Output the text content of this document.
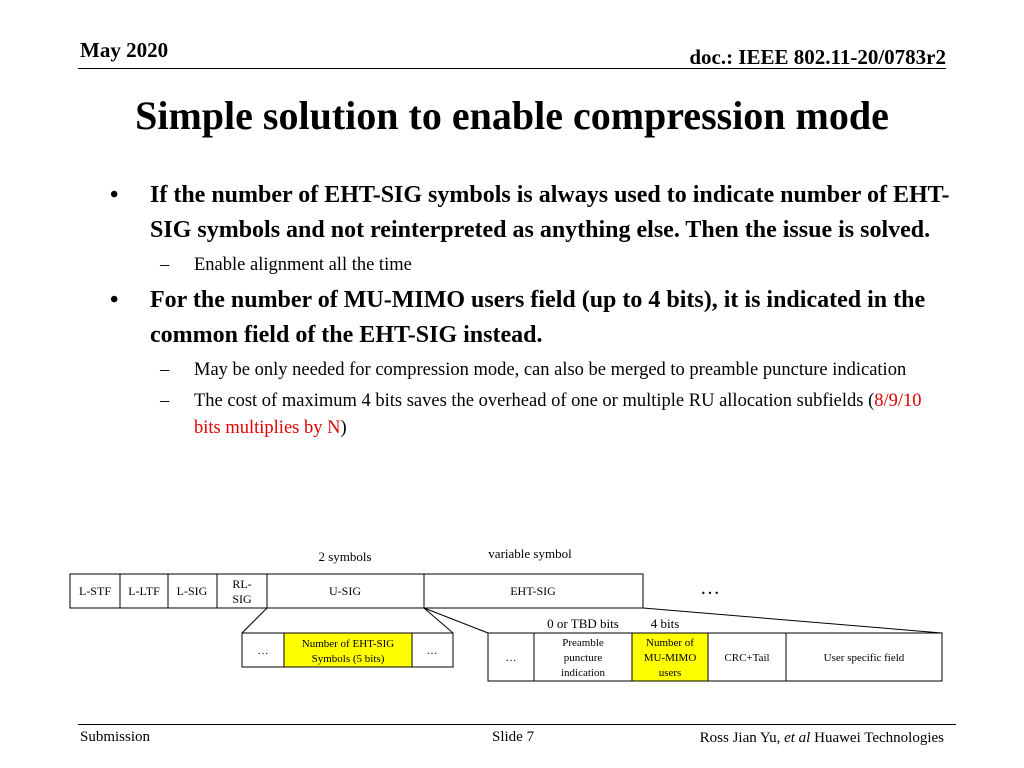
May 2020	doc.: IEEE 802.11-20/0783r2
Simple solution to enable compression mode
• If the number of EHT-SIG symbols is always used to indicate number of EHT-SIG symbols and not reinterpreted as anything else. Then the issue is solved.
– Enable alignment all the time
• For the number of MU-MIMO users field (up to 4 bits), it is indicated in the common field of the EHT-SIG instead.
– May be only needed for compression mode, can also be merged to preamble puncture indication
– The cost of maximum 4 bits saves the overhead of one or multiple RU allocation subfields (8/9/10 bits multiplies by N)
2 symbols	variable symbol
L-STF L-LTF L-SIG RL-
SIG
U-SIG	EHT-SIG	…
…
Number of EHT-SIG
Symbols (5 bits)
…
0 or TBD bits 4 bits
…
Preamble
puncture
indication
Number of
MU-MIMO
users
CRC+Tail	User specific field
Submission	Slide 7	Ross Jian Yu, et al Huawei Technologies
